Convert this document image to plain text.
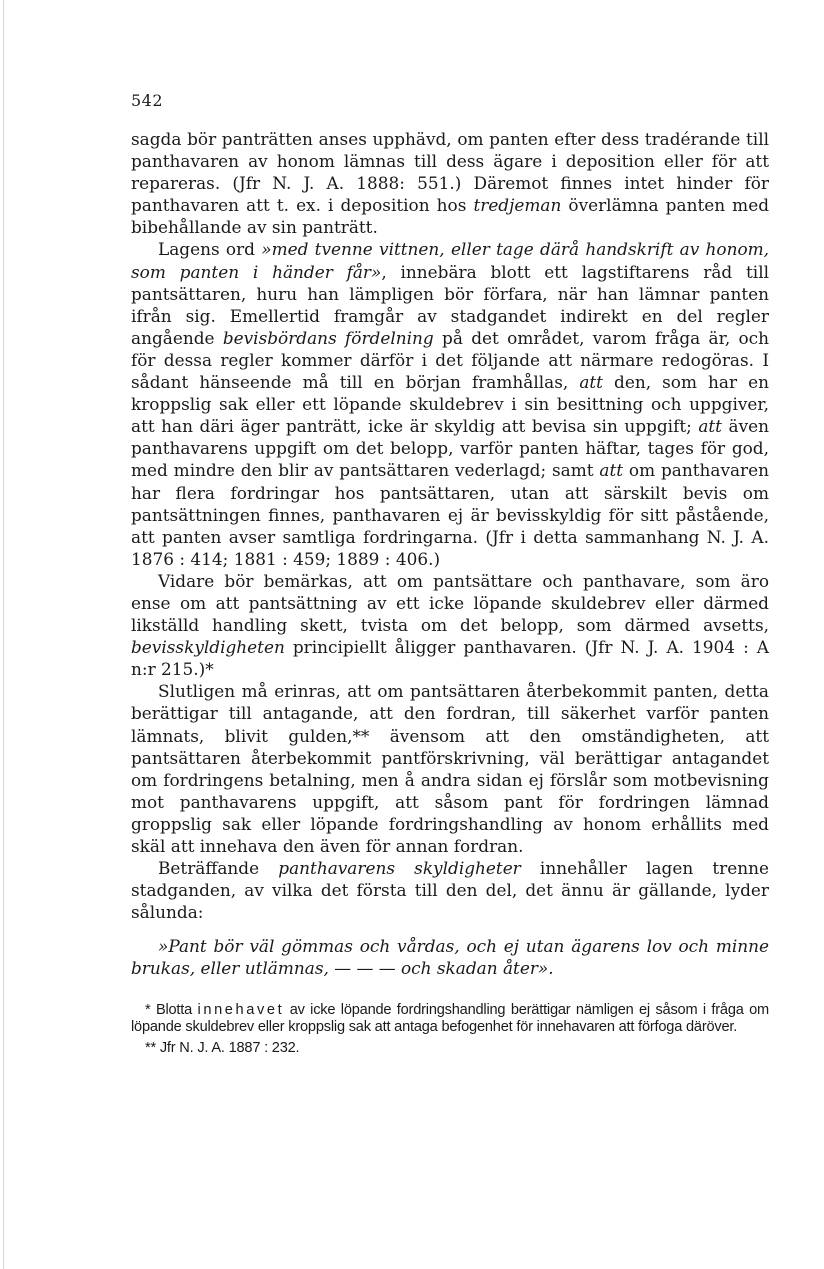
542

sagda bör panträtten anses upphävd, om panten efter dess tradérande till panthavaren av honom lämnas till dess ägare i deposition eller för att repareras. (Jfr N. J. A. 1888: 551.) Däremot finnes intet hinder för panthavaren att t. ex. i deposition hos tredjeman överlämna panten med bibehållande av sin panträtt.

Lagens ord »med tvenne vittnen, eller tage därå handskrift av honom, som panten i händer får», innebära blott ett lagstiftarens råd till pantsättaren, huru han lämpligen bör förfara, när han lämnar panten ifrån sig. Emellertid framgår av stadgandet indirekt en del regler angående bevisbördans fördelning på det området, varom fråga är, och för dessa regler kommer därför i det följande att närmare redogöras. I sådant hänseende må till en början framhållas, att den, som har en kroppslig sak eller ett löpande skuldebrev i sin besittning och uppgiver, att han däri äger panträtt, icke är skyldig att bevisa sin uppgift; att även panthavarens uppgift om det belopp, varför panten häftar, tages för god, med mindre den blir av pantsättaren vederlagd; samt att om panthavaren har flera fordringar hos pantsättaren, utan att särskilt bevis om pantsättningen finnes, panthavaren ej är bevisskyldig för sitt påstående, att panten avser samtliga fordringarna. (Jfr i detta sammanhang N. J. A. 1876 : 414; 1881 : 459; 1889 : 406.)

Vidare bör bemärkas, att om pantsättare och panthavare, som äro ense om att pantsättning av ett icke löpande skuldebrev eller därmed likställd handling skett, tvista om det belopp, som därmed avsetts, bevisskyldigheten principiellt åligger panthavaren. (Jfr N. J. A. 1904 : A n:r 215.)*

Slutligen må erinras, att om pantsättaren återbekommit panten, detta berättigar till antagande, att den fordran, till säkerhet varför panten lämnats, blivit gulden,** ävensom att den omständigheten, att pantsättaren återbekommit pantförskrivning, väl berättigar antagandet om fordringens betalning, men å andra sidan ej förslår som motbevisning mot panthavarens uppgift, att såsom pant för fordringen lämnad groppslig sak eller löpande fordringshandling av honom erhållits med skäl att innehava den även för annan fordran.

Beträffande panthavarens skyldigheter innehåller lagen trenne stadganden, av vilka det första till den del, det ännu är gällande, lyder sålunda:

»Pant bör väl gömmas och vårdas, och ej utan ägarens lov och minne brukas, eller utlämnas, — — — och skadan åter».

* Blotta innehavet av icke löpande fordringshandling berättigar nämligen ej såsom i fråga om löpande skuldebrev eller kroppslig sak att antaga befogenhet för innehavaren att förfoga däröver.

** Jfr N. J. A. 1887 : 232.
